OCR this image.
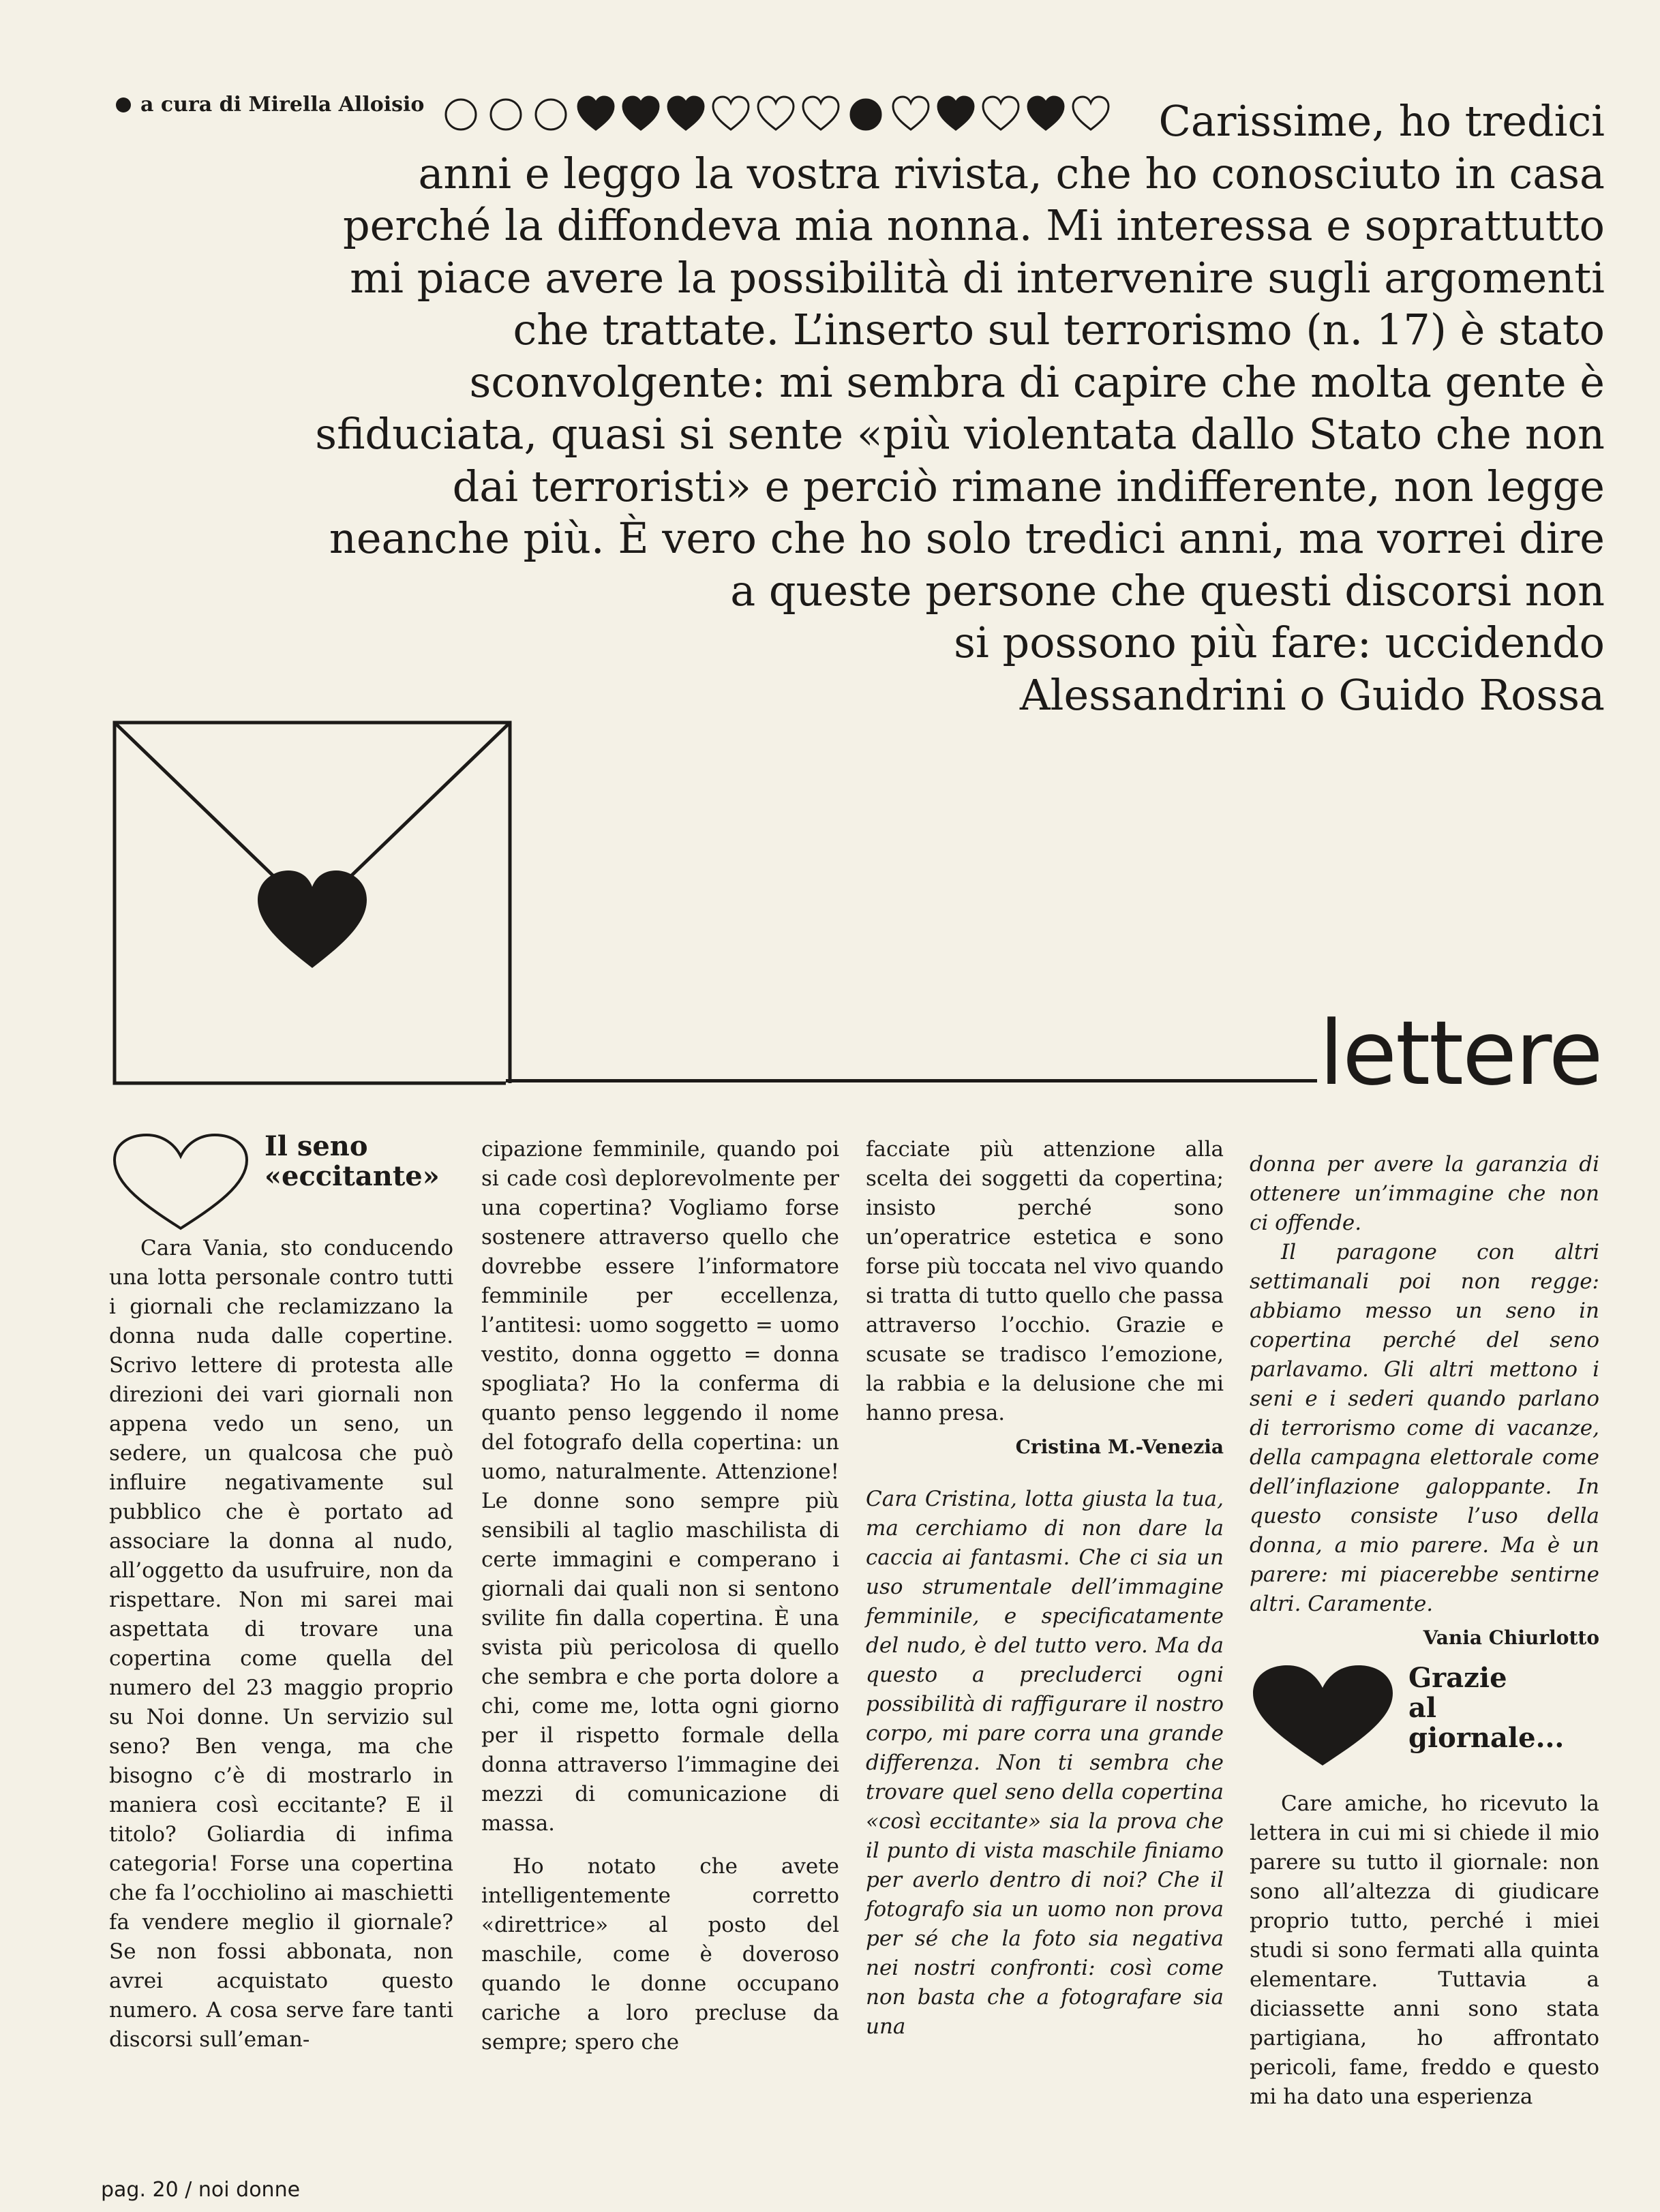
a cura di Mirella Alloisio	Carissime, ho tredici
anni e leggo la vostra rivista, che ho conosciuto in casa
perché la diffondeva mia nonna. Mi interessa e soprattutto
mi piace avere la possibilità di intervenire sugli argomenti
che trattate. L’inserto sul terrorismo (n. 17) è stato
sconvolgente: mi sembra di capire che molta gente è
sfiduciata, quasi si sente «più violentata dallo Stato che non
dai terroristi» e perciò rimane indifferente, non legge
neanche più. È vero che ho solo tredici anni, ma vorrei dire
a queste persone che questi discorsi non
si possono più fare: uccidendo
Alessandrini o Guido Rossa
lettere
Il seno
«eccitante»

Cara Vania, sto conducendo una lotta personale contro tutti i giornali che reclamizzano la donna nuda dalle copertine. Scrivo lettere di protesta alle direzioni dei vari giornali non appena vedo un seno, un sedere, un qualcosa che può influire negativamente sul pubblico che è portato ad associare la donna al nudo, all’oggetto da usufruire, non da rispettare. Non mi sarei mai aspettata di trovare una copertina come quella del numero del 23 maggio proprio su Noi donne. Un servizio sul seno? Ben venga, ma che bisogno c’è di mostrarlo in maniera così eccitante? E il titolo? Goliardia di infima categoria! Forse una copertina che fa l’occhiolino ai maschietti fa vendere meglio il giornale? Se non fossi abbonata, non avrei acquistato questo numero. A cosa serve fare tanti discorsi sull’eman-

cipazione femminile, quando poi si cade così deplorevolmente per una copertina? Vogliamo forse sostenere attraverso quello che dovrebbe essere l’informatore femminile per eccellenza, l’antitesi: uomo soggetto = uomo vestito, donna oggetto = donna spogliata? Ho la conferma di quanto penso leggendo il nome del fotografo della copertina: un uomo, naturalmente. Attenzione! Le donne sono sempre più sensibili al taglio maschilista di certe immagini e comperano i giornali dai quali non si sentono svilite fin dalla copertina. È una svista più pericolosa di quello che sembra e che porta dolore a chi, come me, lotta ogni giorno per il rispetto formale della donna attraverso l’immagine dei mezzi di comunicazione di massa.

Ho notato che avete intelligentemente corretto «direttrice» al posto del maschile, come è doveroso quando le donne occupano cariche a loro precluse da sempre; spero che

facciate più attenzione alla scelta dei soggetti da copertina; insisto perché sono un’operatrice estetica e sono forse più toccata nel vivo quando si tratta di tutto quello che passa attraverso l’occhio. Grazie e scusate se tradisco l’emozione, la rabbia e la delusione che mi hanno presa.

Cristina M.-Venezia

Cara Cristina, lotta giusta la tua, ma cerchiamo di non dare la caccia ai fantasmi. Che ci sia un uso strumentale dell’immagine femminile, e specificatamente del nudo, è del tutto vero. Ma da questo a precluderci ogni possibilità di raffigurare il nostro corpo, mi pare corra una grande differenza. Non ti sembra che trovare quel seno della copertina «così eccitante» sia la prova che il punto di vista maschile finiamo per averlo dentro di noi? Che il fotografo sia un uomo non prova per sé che la foto sia negativa nei nostri confronti: così come non basta che a fotografare sia una

donna per avere la garanzia di ottenere un’immagine che non ci offende.

Il paragone con altri settimanali poi non regge: abbiamo messo un seno in copertina perché del seno parlavamo. Gli altri mettono i seni e i sederi quando parlano di terrorismo come di vacanze, della campagna elettorale come dell’inflazione galoppante. In questo consiste l’uso della donna, a mio parere. Ma è un parere: mi piacerebbe sentirne altri. Caramente.

Vania Chiurlotto

Grazie
al
giornale...

Care amiche, ho ricevuto la lettera in cui mi si chiede il mio parere su tutto il giornale: non sono all’altezza di giudicare proprio tutto, perché i miei studi si sono fermati alla quinta elementare. Tuttavia a diciassette anni sono stata partigiana, ho affrontato pericoli, fame, freddo e questo mi ha dato una esperienza

pag. 20 / noi donne
